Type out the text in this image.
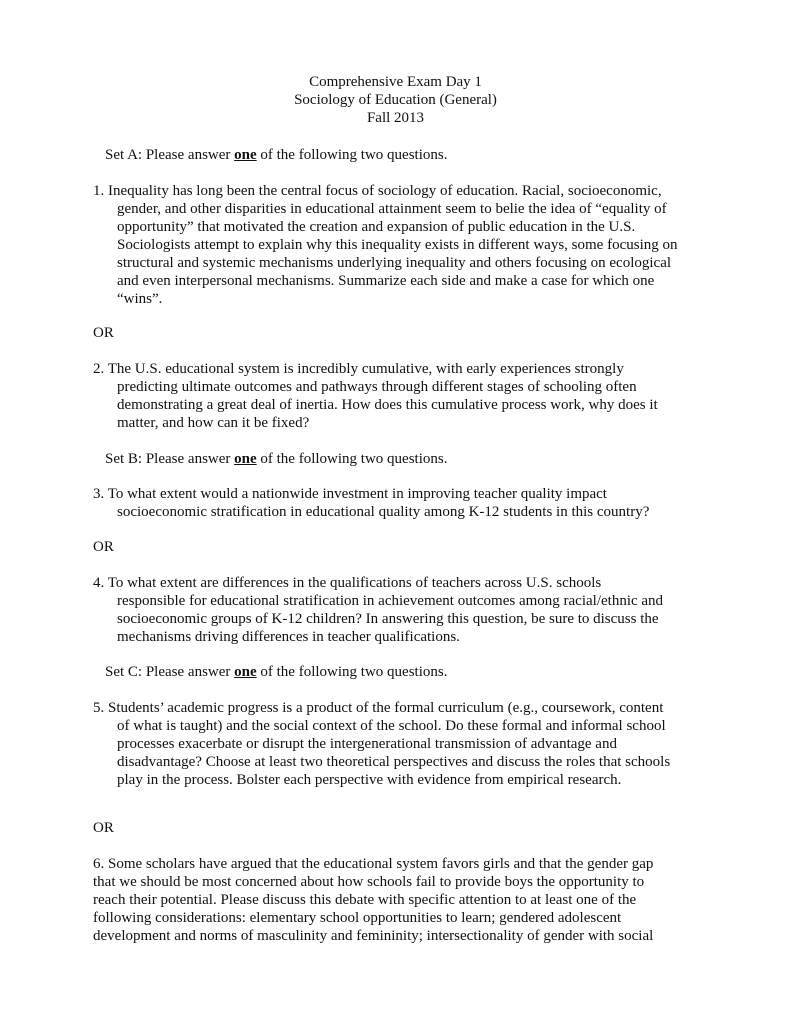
Comprehensive Exam Day 1
Sociology of Education (General)
Fall 2013
Set A: Please answer one of the following two questions.
1. Inequality has long been the central focus of sociology of education. Racial, socioeconomic,
gender, and other disparities in educational attainment seem to belie the idea of “equality of
opportunity” that motivated the creation and expansion of public education in the U.S.
Sociologists attempt to explain why this inequality exists in different ways, some focusing on
structural and systemic mechanisms underlying inequality and others focusing on ecological
and even interpersonal mechanisms. Summarize each side and make a case for which one
“wins”.
OR
2. The U.S. educational system is incredibly cumulative, with early experiences strongly
predicting ultimate outcomes and pathways through different stages of schooling often
demonstrating a great deal of inertia. How does this cumulative process work, why does it
matter, and how can it be fixed?
Set B: Please answer one of the following two questions.
3. To what extent would a nationwide investment in improving teacher quality impact
socioeconomic stratification in educational quality among K-12 students in this country?
OR
4. To what extent are differences in the qualifications of teachers across U.S. schools
responsible for educational stratification in achievement outcomes among racial/ethnic and
socioeconomic groups of K-12 children? In answering this question, be sure to discuss the
mechanisms driving differences in teacher qualifications.
Set C: Please answer one of the following two questions.
5. Students’ academic progress is a product of the formal curriculum (e.g., coursework, content
of what is taught) and the social context of the school. Do these formal and informal school
processes exacerbate or disrupt the intergenerational transmission of advantage and
disadvantage? Choose at least two theoretical perspectives and discuss the roles that schools
play in the process. Bolster each perspective with evidence from empirical research.
OR
6. Some scholars have argued that the educational system favors girls and that the gender gap
that we should be most concerned about how schools fail to provide boys the opportunity to
reach their potential. Please discuss this debate with specific attention to at least one of the
following considerations: elementary school opportunities to learn; gendered adolescent
development and norms of masculinity and femininity; intersectionality of gender with social
